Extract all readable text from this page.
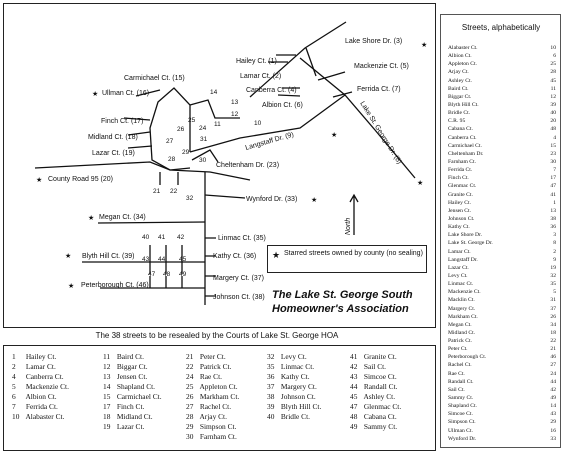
Lake Shore Dr. (3)
Hailey Ct. (1)
Lamar Ct. (2)
Mackenzie Ct. (5)
Canberra Ct. (4)	Ferrida Ct. (7)
Albion Ct. (6)	Lake St. George Dr. (8)
Langstaff Dr. (9)
Carmichael Ct. (15)
Ullman Ct. (16)
Finch Ct. (17)
Midland Ct. (18)
Lazar Ct. (19)
Cheltenham Dr. (23)
County Road 95 (20)
Wynford Dr. (33)
Megan Ct. (34)
Linmac Ct. (35)
Kathy Ct. (36)
Blyth Hill Ct. (39)
Margery Ct. (37)
Peterborough Ct. (46)
Johnson Ct. (38)
North
14
13
12
11	10
25
24
26
27
28
29
30
31
21 22
32
40 41 42
43 44 45
47 48 49
★
★
★
★
★
★
★
★
★
★ Starred streets owned by county (no sealing)
The Lake St. George South
Homeowner's Association
Streets, alphabetically
Alabaster Ct.	10
Albion Ct.	6
Appleton Ct.	25
Arjay Ct.	28
Ashley Ct.	45
Baird Ct.	11
Biggar Ct.	12
Blyth Hill Ct.	39
Bridle Ct.	40
C.R. 95	20
Cabana Ct.	48
Canberra Ct.	4
Carmichael Ct.	15
Cheltenham Dr.	23
Farnham Ct.	30
Ferrida Ct.	7
Finch Ct.	17
Glenmac Ct.	47
Granite Ct.	41
Hailey Ct.	1
Jensen Ct.	13
Johnson Ct.	38
Kathy Ct.	36
Lake Shore Dr.	3
Lake St. George Dr.	8
Lamar Ct.	2
Langstaff Dr.	9
Lazar Ct.	19
Levy Ct.	32
Linmac Ct.	35
Mackenzie Ct.	5
Macklin Ct.	31
Margery Ct.	37
Markham Ct.	26
Megan Ct.	34
Midland Ct.	18
Patrick Ct.	22
Peter Ct.	21
Peterborough Ct.	46
Rachel Ct.	27
Rae Ct.	24
Randall Ct.	44
Sail Ct.	42
Sammy Ct.	49
Shapland Ct.	14
Simcoe Ct.	43
Simpson Ct.	29
Ullman Ct.	16
Wynford Dr.	33
The 38 streets to be resealed by the Courts of Lake St. George HOA
1 Hailey Ct.
2 Lamar Ct.
4 Canberra Ct.
5 Mackenzie Ct.
6 Albion Ct.
7 Ferrida Ct.
10 Alabaster Ct.
11 Baird Ct.
12 Biggar Ct.
13 Jensen Ct.
14 Shapland Ct.
15 Carmichael Ct.
17 Finch Ct.
18 Midland Ct.
19 Lazar Ct.
21 Peter Ct.
22 Patrick Ct.
24 Rae Ct.
25 Appleton Ct.
26 Markham Ct.
27 Rachel Ct.
28 Arjay Ct.
29 Simpson Ct.
30 Farnham Ct.
32 Levy Ct.
35 Linmac Ct.
36 Kathy Ct.
37 Margery Ct.
38 Johnson Ct.
39 Blyth Hill Ct.
40 Bridle Ct.
41 Granite Ct.
42 Sail Ct.
43 Simcoe Ct.
44 Randall Ct.
45 Ashley Ct.
47 Glenmac Ct.
48 Cabana Ct.
49 Sammy Ct.
